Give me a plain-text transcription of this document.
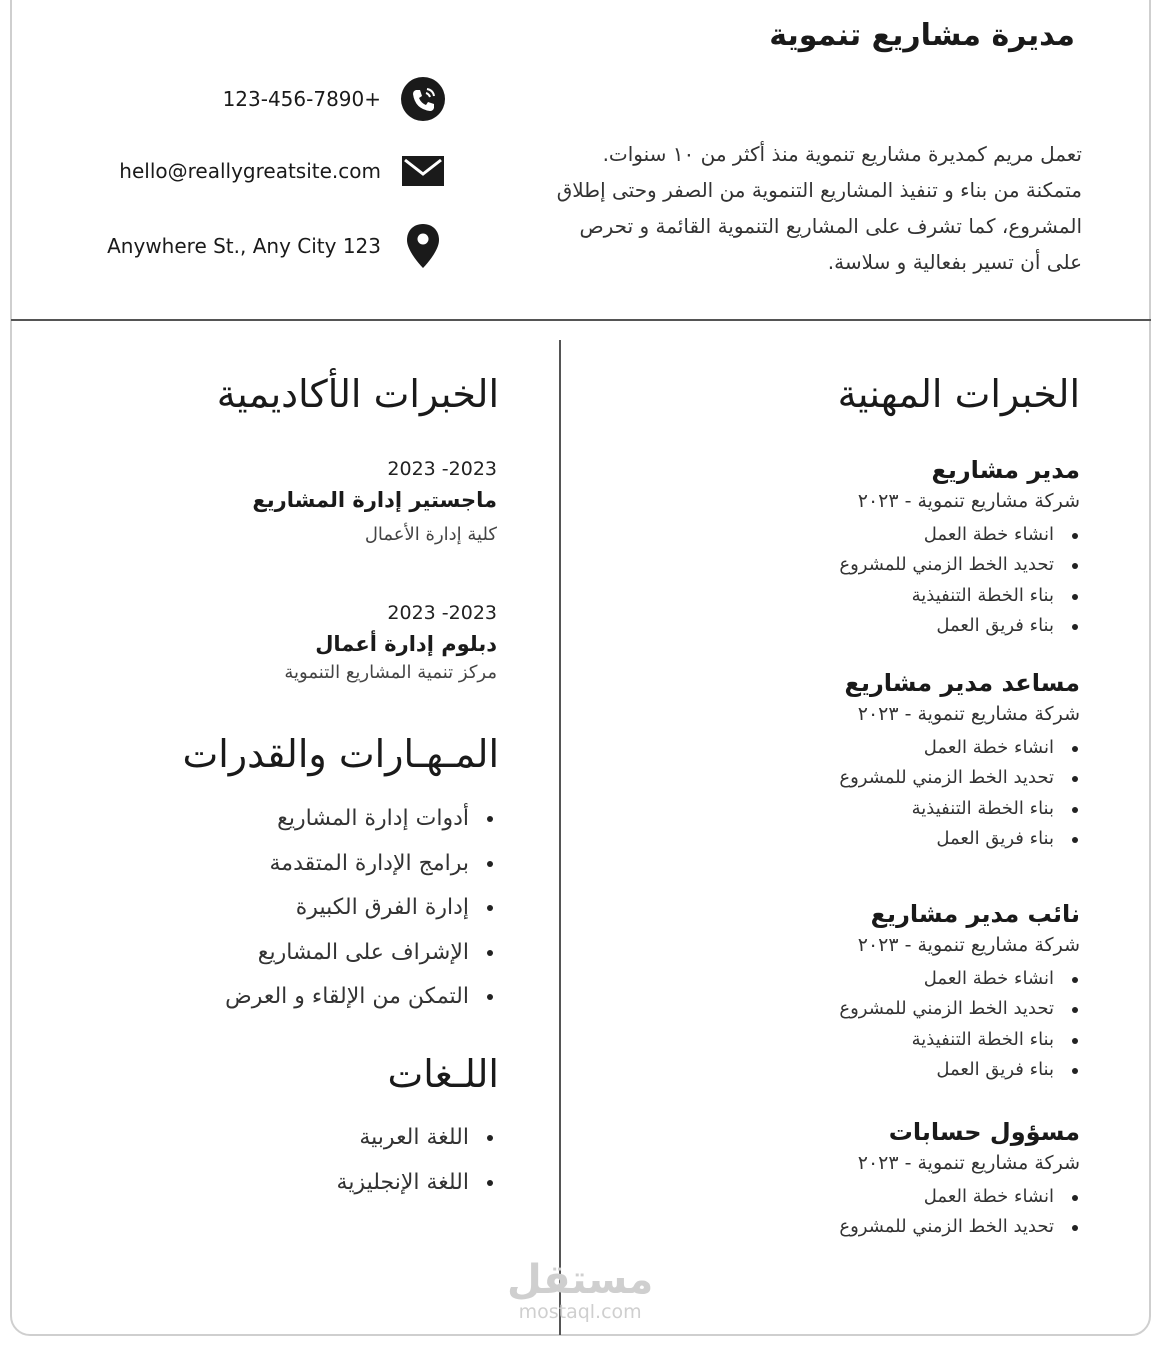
مديرة مشاريع تنموية
تعمل مريم كمديرة مشاريع تنموية منذ أكثر من ١٠ سنوات. متمكنة من بناء و تنفيذ المشاريع التنموية من الصفر وحتى إطلاق المشروع، كما تشرف على المشاريع التنموية القائمة و تحرص على أن تسير بفعالية و سلاسة.
123-456-7890+
hello@reallygreatsite.com
Anywhere St., Any City 123
الخبرات المهنية
مدير مشاريع
شركة مشاريع تنموية - ٢٠٢٣
انشاء خطة العمل
تحديد الخط الزمني للمشروع
بناء الخطة التنفيذية
بناء فريق العمل
مساعد مدير مشاريع
شركة مشاريع تنموية - ٢٠٢٣
انشاء خطة العمل
تحديد الخط الزمني للمشروع
بناء الخطة التنفيذية
بناء فريق العمل
نائب مدير مشاريع
شركة مشاريع تنموية - ٢٠٢٣
انشاء خطة العمل
تحديد الخط الزمني للمشروع
بناء الخطة التنفيذية
بناء فريق العمل
مسؤول حسابات
شركة مشاريع تنموية - ٢٠٢٣
انشاء خطة العمل
تحديد الخط الزمني للمشروع
الخبرات الأكاديمية
2023 -2023
ماجستير إدارة المشاريع
كلية إدارة الأعمال
2023 -2023
دبلوم إدارة أعمال
مركز تنمية المشاريع التنموية
المـهـارات والقدرات
أدوات إدارة المشاريع
برامج الإدارة المتقدمة
إدارة الفرق الكبيرة
الإشراف على المشاريع
التمكن من الإلقاء و العرض
اللـغات
اللغة العربية
اللغة الإنجليزية
مستقل
mostaql.com
